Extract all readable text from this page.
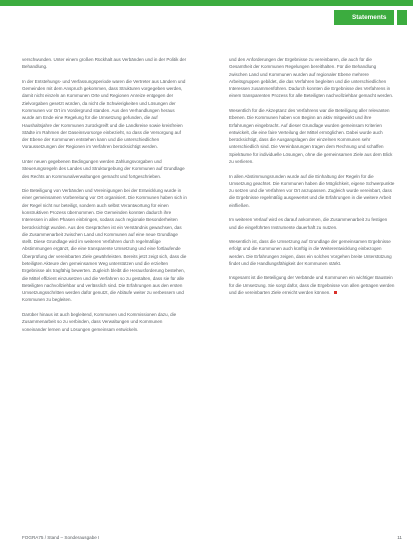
Statements

verschwunden. Unter einem großen Rückhalt aus Verbänden und in der Politik der Behandlung.

In der Entstehungs- und Verfassungsperiode waren die Vertreter aus Ländern und Gemeinden mit dem Anspruch gekommen, dass Strukturen vorgegeben werden, damit nicht einzeln an Kommunen Orte und Regionen Anreize entgegen der Zielvorgaben gesetzt würden, da nicht die Schwierigkeiten und Lösungen der Kommunen vor Ort im Vordergrund standen. Aus den Verhandlungen heraus wurde am Ende eine Regelung für die Umsetzung gefunden, die auf Haushaltsjahre der Kommunen zurückgreift und die Landkreise sowie kreisfreien Städte im Rahmen der Daseinsvorsorge einbezieht, so dass die Versorgung auf der Ebene der Kommunen entstehen kann und die unterschiedlichen Voraussetzungen der Regionen im Verfahren berücksichtigt werden.

Unter neuen gegebenen Bedingungen werden Zahlungsvorgaben und Steuerungsregeln des Landes und Strukturgebung der Kommunen auf Grundlage des Rechts an Kommunalverwaltungen gemacht und fortgeschrieben.

Die Beteiligung von Verbänden und Vereinigungen bei der Entwicklung wurde in einer gemeinsamen Vorbereitung vor Ort organisiert. Die Kommunen haben sich in der Regel nicht nur beteiligt, sondern auch selbst Verantwortung für einen konstruktiven Prozess übernommen. Die Gemeinden konnten dadurch ihre Interessen in allen Phasen einbringen, sodass auch regionale Besonderheiten berücksichtigt wurden. Aus den Gesprächen ist ein Verständnis gewachsen, das die Zusammenarbeit zwischen Land und Kommunen auf eine neue Grundlage stellt. Diese Grundlage wird im weiteren Verfahren durch regelmäßige Abstimmungen ergänzt, die eine transparente Umsetzung und eine fortlaufende Überprüfung der vereinbarten Ziele gewährleisten. Bereits jetzt zeigt sich, dass die beteiligten Akteure den gemeinsamen Weg unterstützen und die erzielten Ergebnisse als tragfähig bewerten. Zugleich bleibt die Herausforderung bestehen, die Mittel effizient einzusetzen und die Verfahren so zu gestalten, dass sie für alle Beteiligten nachvollziehbar und verlässlich sind. Die Erfahrungen aus den ersten Umsetzungsschritten werden dafür genutzt, die Abläufe weiter zu verbessern und Kommunen zu begleiten.

Darüber hinaus ist auch begleitend, Kommunen und Kommissionen dazu, die Zusammenarbeit so zu verbinden, dass Verwaltungen und Kommunen voneinander lernen und Lösungen gemeinsam entwickeln.

und den Anforderungen der Ergebnisse zu vereinbaren, die auch für die Gesamtheit der Kommunen Regelungen bereithalten. Für die Behandlung zwischen Land und Kommunen wurden auf regionaler Ebene mehrere Arbeitsgruppen gebildet, die das Verfahren begleiten und die unterschiedlichen Interessen zusammenführen. Dadurch konnten die Ergebnisse des Verfahrens in einem transparenten Prozess für alle Beteiligten nachvollziehbar gemacht werden.

Wesentlich für die Akzeptanz des Verfahrens war die Beteiligung aller relevanten Ebenen. Die Kommunen haben von Beginn an aktiv mitgewirkt und ihre Erfahrungen eingebracht. Auf dieser Grundlage wurden gemeinsam Kriterien entwickelt, die eine faire Verteilung der Mittel ermöglichen. Dabei wurde auch berücksichtigt, dass die Ausgangslagen der einzelnen Kommunen sehr unterschiedlich sind. Die Vereinbarungen tragen dem Rechnung und schaffen Spielräume für individuelle Lösungen, ohne die gemeinsamen Ziele aus dem Blick zu verlieren.

In allen Abstimmungsrunden wurde auf die Einhaltung der Regeln für die Umsetzung geachtet. Die Kommunen haben die Möglichkeit, eigene Schwerpunkte zu setzen und die Verfahren vor Ort anzupassen. Zugleich wurde vereinbart, dass die Ergebnisse regelmäßig ausgewertet und die Erfahrungen in die weitere Arbeit einfließen.

Im weiteren Verlauf wird es darauf ankommen, die Zusammenarbeit zu festigen und die eingeführten Instrumente dauerhaft zu nutzen.

Wesentlich ist, dass die Umsetzung auf Grundlage der gemeinsamen Ergebnisse erfolgt und die Kommunen auch künftig in die Weiterentwicklung einbezogen werden. Die Erfahrungen zeigen, dass ein solches Vorgehen breite Unterstützung findet und die Handlungsfähigkeit der Kommunen stärkt.

Insgesamt ist die Beteiligung der Verbände und Kommunen ein wichtiger Baustein für die Umsetzung. Sie sorgt dafür, dass die Ergebnisse von allen getragen werden und die vereinbarten Ziele erreicht werden können.

FOGRA75 / Stand – Sonderausgabe I	11
